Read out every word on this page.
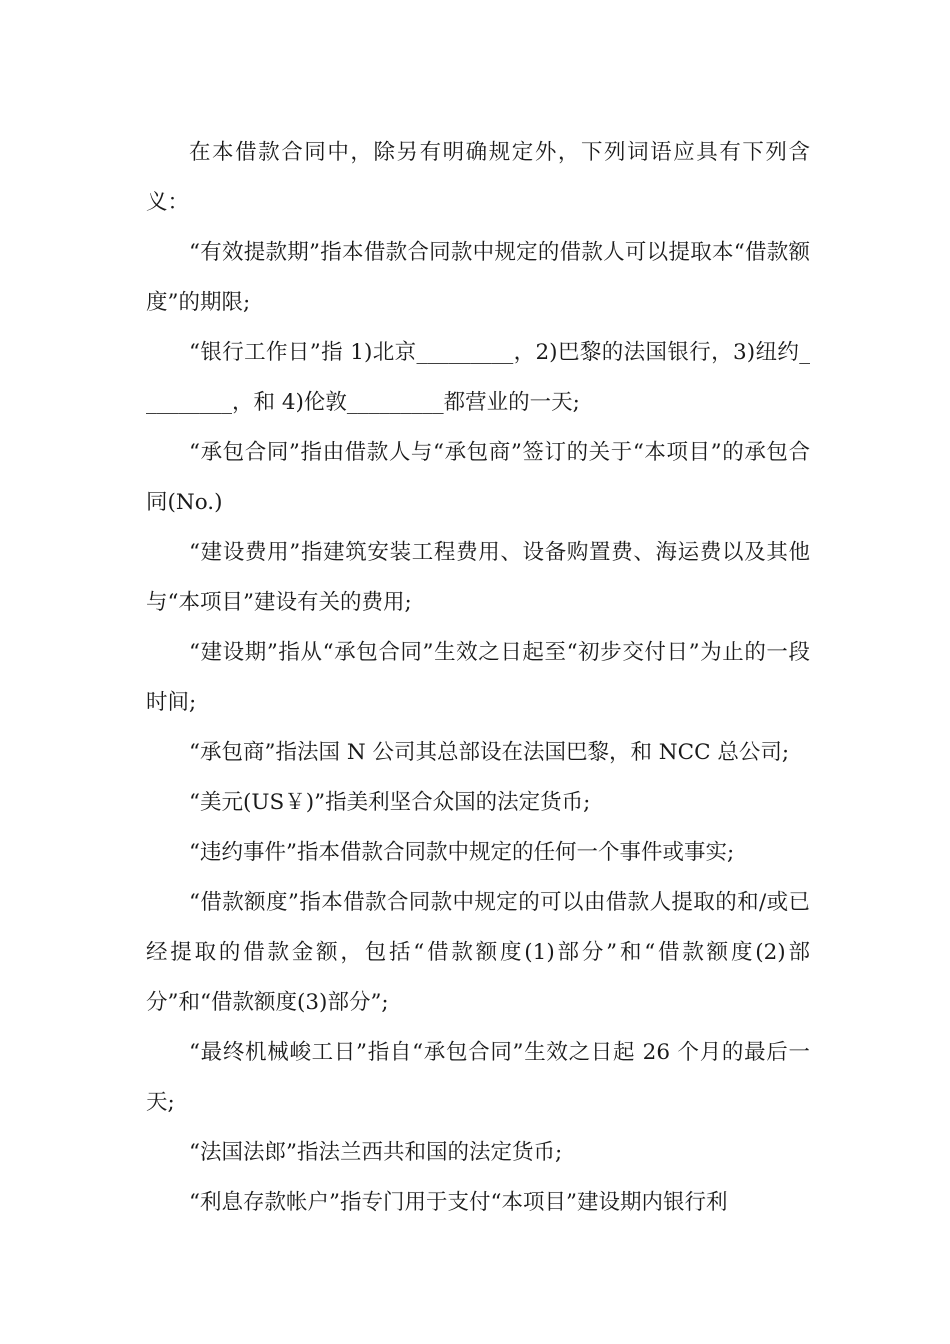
在本借款合同中，除另有明确规定外，下列词语应具有下列含义：

“有效提款期”指本借款合同款中规定的借款人可以提取本“借款额度”的期限;

“银行工作日”指 1)北京_________，2)巴黎的法国银行，3)纽约_________，和 4)伦敦_________都营业的一天;

“承包合同”指由借款人与“承包商”签订的关于“本项目”的承包合同(No.)

“建设费用”指建筑安装工程费用、设备购置费、海运费以及其他与“本项目”建设有关的费用;

“建设期”指从“承包合同”生效之日起至“初步交付日”为止的一段时间;

“承包商”指法国 N 公司其总部设在法国巴黎，和 NCC 总公司;

“美元(US￥)”指美利坚合众国的法定货币;

“违约事件”指本借款合同款中规定的任何一个事件或事实;

“借款额度”指本借款合同款中规定的可以由借款人提取的和/或已经提取的借款金额，包括“借款额度(1)部分”和“借款额度(2)部分”和“借款额度(3)部分”;

“最终机械峻工日”指自“承包合同”生效之日起 26 个月的最后一天;

“法国法郎”指法兰西共和国的法定货币;

“利息存款帐户”指专门用于支付“本项目”建设期内银行利
